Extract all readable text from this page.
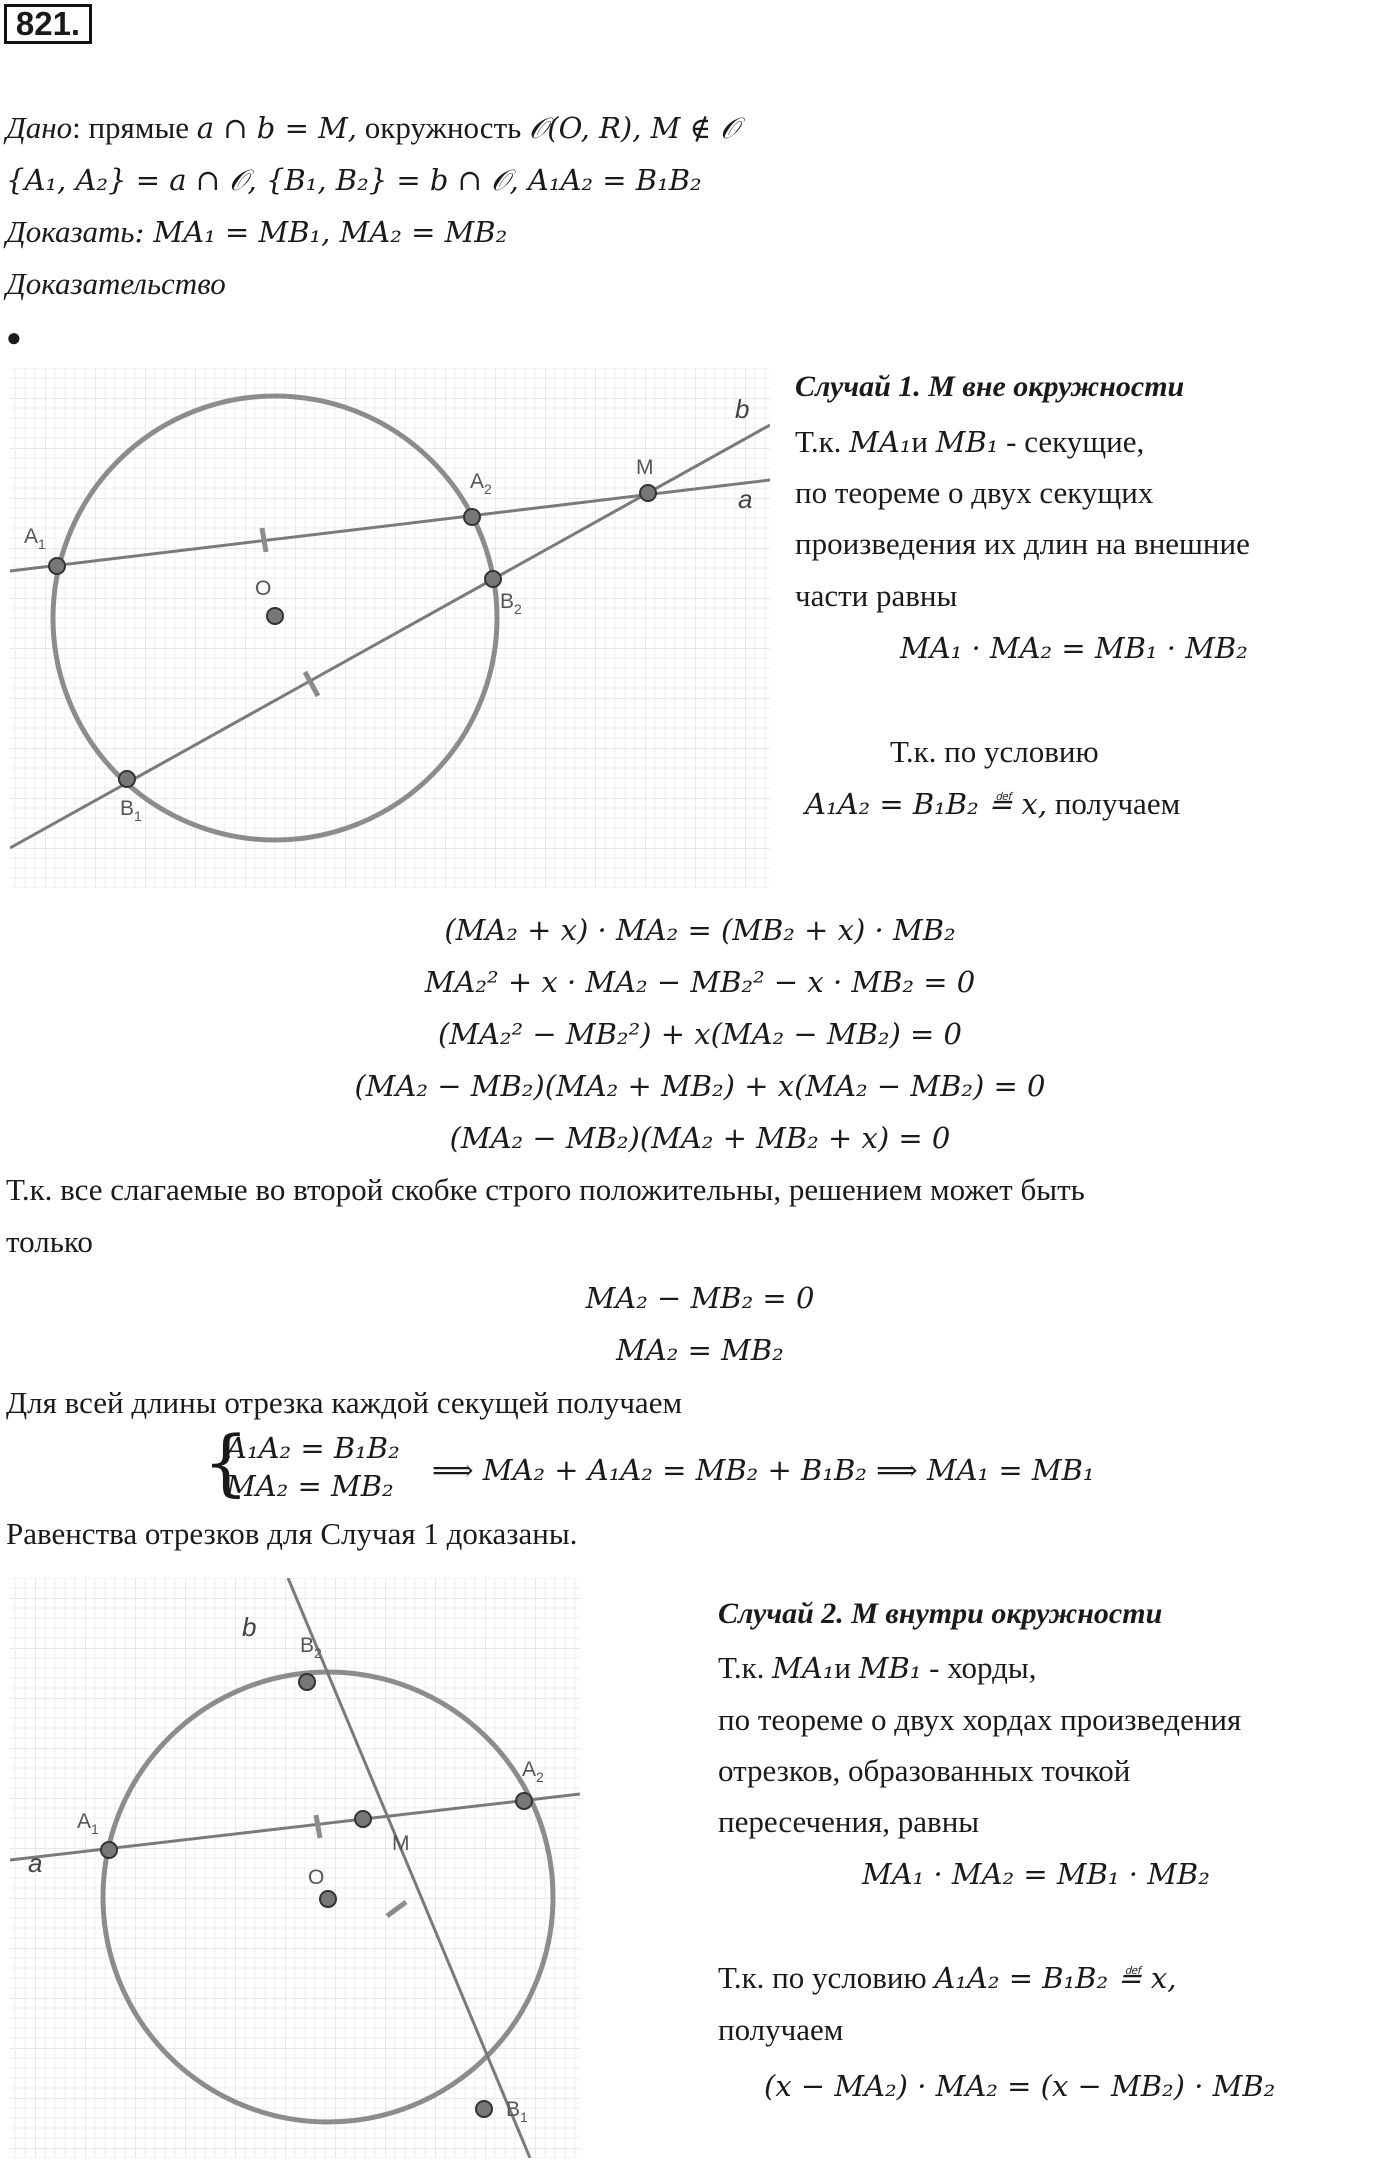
821.
Дано: прямые a ∩ b = M, окружность 𝒪(O, R), M ∉ 𝒪
{A₁, A₂} = a ∩ 𝒪, {B₁, B₂} = b ∩ 𝒪, A₁A₂ = B₁B₂
Доказать: MA₁ = MB₁, MA₂ = MB₂
Доказательство
●
$A_1$
$A_2$
M
$B_2$
$B_1$
O
b
a
Случай 1. М вне окружности
Т.к. MA₁и MB₁ - секущие,
по теореме о двух секущих
произведения их длин на внешние
части равны
MA₁ · MA₂ = MB₁ · MB₂
Т.к. по условию
A₁A₂ = B₁B₂ ≝ x, получаем
(MA₂ + x) · MA₂ = (MB₂ + x) · MB₂
MA₂² + x · MA₂ − MB₂² − x · MB₂ = 0
(MA₂² − MB₂²) + x(MA₂ − MB₂) = 0
(MA₂ − MB₂)(MA₂ + MB₂) + x(MA₂ − MB₂) = 0
(MA₂ − MB₂)(MA₂ + MB₂ + x) = 0
Т.к. все слагаемые во второй скобке строго положительны, решением может быть
только
MA₂ − MB₂ = 0
MA₂ = MB₂
Для всей длины отрезка каждой секущей получаем
{
A₁A₂ = B₁B₂
MA₂ = MB₂ ⟹ MA₂ + A₁A₂ = MB₂ + B₁B₂ ⟹ MA₁ = MB₁
Равенства отрезков для Случая 1 доказаны.
$A_1$
$A_2$
M
$B_2$
$B_1$
O
b
a
Случай 2. М внутри окружности
Т.к. MA₁и MB₁ - хорды,
по теореме о двух хордах произведения
отрезков, образованных точкой
пересечения, равны
MA₁ · MA₂ = MB₁ · MB₂
Т.к. по условию A₁A₂ = B₁B₂ ≝ x,
получаем
(x − MA₂) · MA₂ = (x − MB₂) · MB₂
